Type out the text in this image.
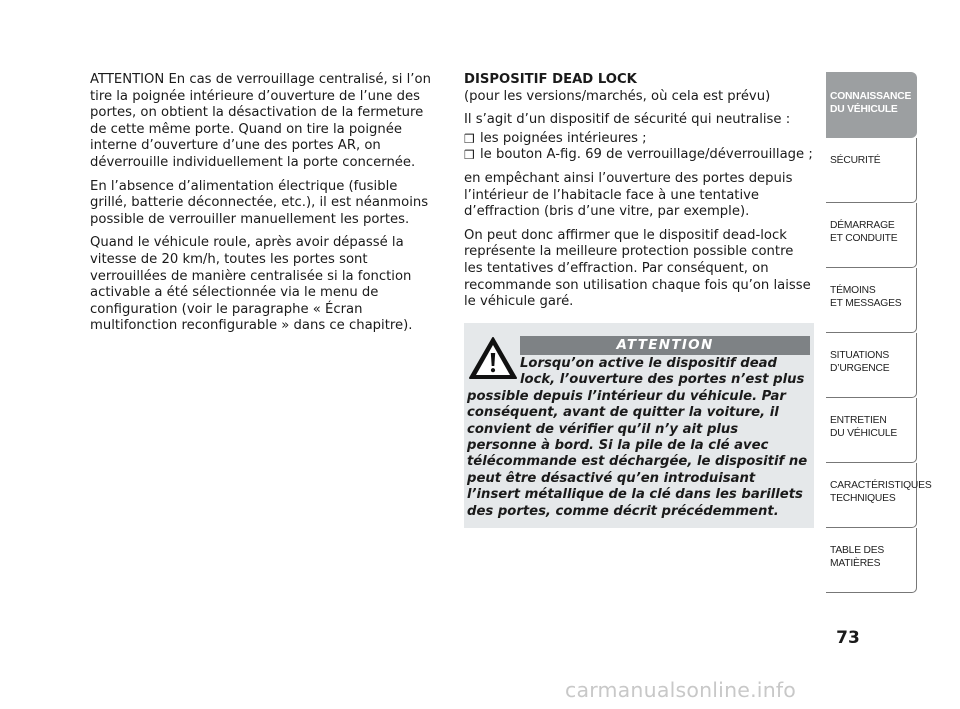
ATTENTION En cas de verrouillage centralisé, si l’on tire la poignée intérieure d’ouverture de l’une des portes, on obtient la désactivation de la fermeture de cette même porte. Quand on tire la poignée interne d’ouverture d’une des portes AR, on déverrouille individuellement la porte concernée.

En l’absence d’alimentation électrique (fusible grillé, batterie déconnectée, etc.), il est néanmoins possible de verrouiller manuellement les portes.

Quand le véhicule roule, après avoir dépassé la vitesse de 20 km/h, toutes les portes sont verrouillées de manière centralisée si la fonction activable a été sélectionnée via le menu de configuration (voir le paragraphe « Écran multifonction reconfigurable » dans ce chapitre).

DISPOSITIF DEAD LOCK

(pour les versions/marchés, où cela est prévu)

Il s’agit d’un dispositif de sécurité qui neutralise :

❒ les poignées intérieures ;
❒ le bouton A-fig. 69 de verrouillage/déverrouillage ;

en empêchant ainsi l’ouverture des portes depuis l’intérieur de l’habitacle face à une tentative d’effraction (bris d’une vitre, par exemple).

On peut donc affirmer que le dispositif dead-lock représente la meilleure protection possible contre les tentatives d’effraction. Par conséquent, on recommande son utilisation chaque fois qu’on laisse le véhicule garé.

ATTENTION
Lorsqu’on active le dispositif dead lock, l’ouverture des portes n’est plus possible depuis l’intérieur du véhicule. Par conséquent, avant de quitter la voiture, il convient de vérifier qu’il n’y ait plus personne à bord. Si la pile de la clé avec télécommande est déchargée, le dispositif ne peut être désactivé qu’en introduisant l’insert métallique de la clé dans les barillets des portes, comme décrit précédemment.
CONNAISSANCE
DU VÉHICULE
SÉCURITÉ
DÉMARRAGE
ET CONDUITE
TÉMOINS
ET MESSAGES
SITUATIONS
D’URGENCE
ENTRETIEN
DU VÉHICULE
CARACTÉRISTIQUES
TECHNIQUES
TABLE DES
MATIÈRES
73
carmanualsonline.info
